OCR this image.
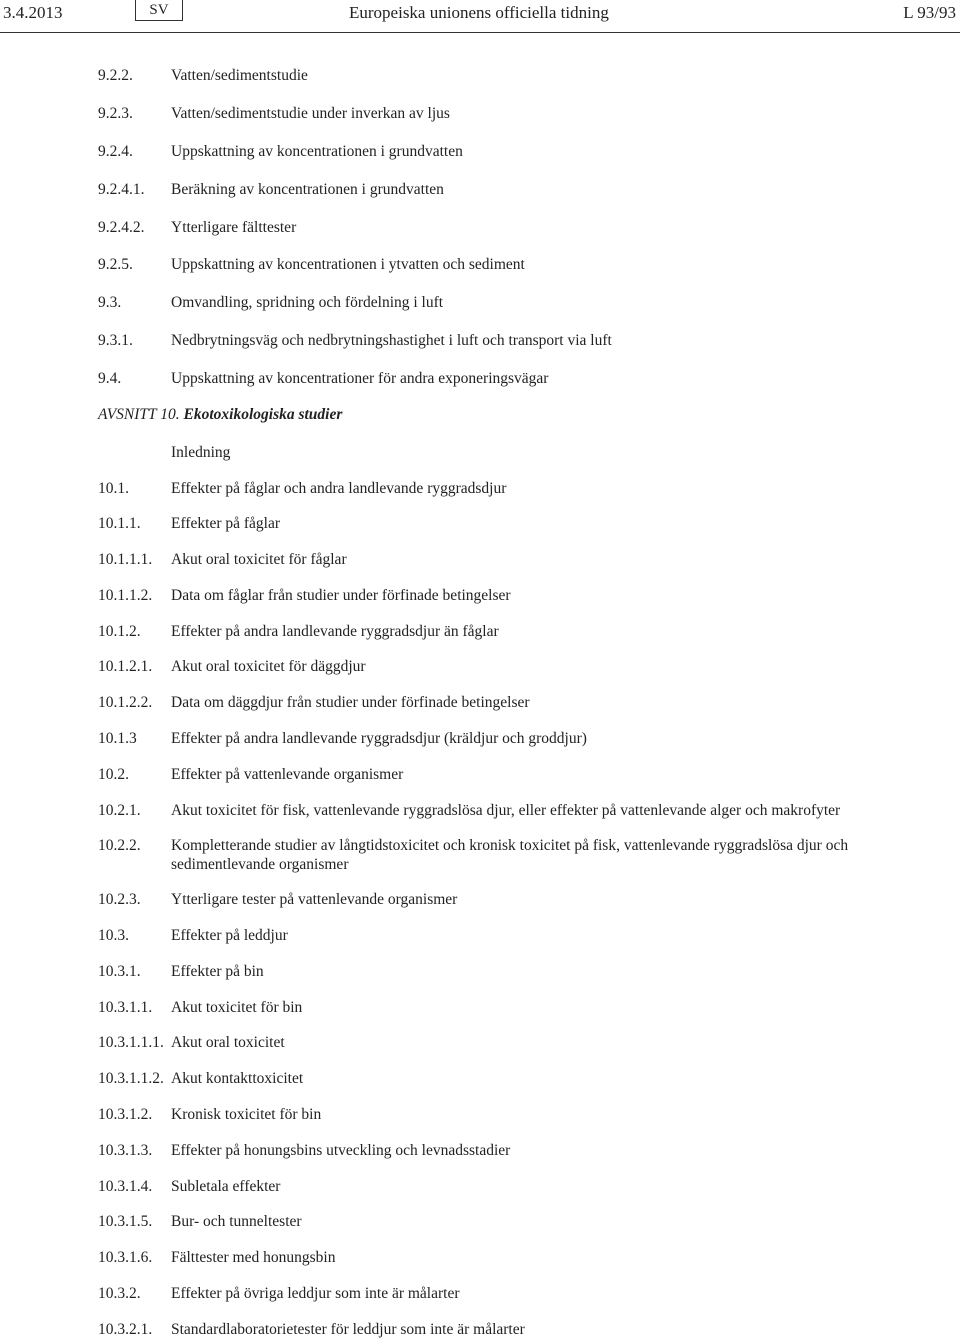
3.4.2013	SV	Europeiska unionens officiella tidning	L 93/93
AVSNITT 10. Ekotoxikologiska studier
9.2.2. Vatten/sedimentstudie
9.2.3. Vatten/sedimentstudie under inverkan av ljus
9.2.4. Uppskattning av koncentrationen i grundvatten
9.2.4.1. Beräkning av koncentrationen i grundvatten
9.2.4.2. Ytterligare fälttester
9.2.5. Uppskattning av koncentrationen i ytvatten och sediment
9.3.	Omvandling, spridning och fördelning i luft
9.3.1. Nedbrytningsväg och nedbrytningshastighet i luft och transport via luft
9.4.	Uppskattning av koncentrationer för andra exponeringsvägar
Inledning
10.1.	Effekter på fåglar och andra landlevande ryggradsdjur
10.1.1. Effekter på fåglar
10.1.1.1. Akut oral toxicitet för fåglar
10.1.1.2. Data om fåglar från studier under förfinade betingelser
10.1.2. Effekter på andra landlevande ryggradsdjur än fåglar
10.1.2.1. Akut oral toxicitet för däggdjur
10.1.2.2. Data om däggdjur från studier under förfinade betingelser
10.1.3 Effekter på andra landlevande ryggradsdjur (kräldjur och groddjur)
10.2.	Effekter på vattenlevande organismer
10.2.1. Akut toxicitet för fisk, vattenlevande ryggradslösa djur, eller effekter på vattenlevande alger och makrofyter
10.2.2. Kompletterande studier av långtidstoxicitet och kronisk toxicitet på fisk, vattenlevande ryggradslösa djur och sedimentlevande organismer
10.2.3. Ytterligare tester på vattenlevande organismer
10.3.	Effekter på leddjur
10.3.1. Effekter på bin
10.3.1.1. Akut toxicitet för bin
10.3.1.1.1. Akut oral toxicitet
10.3.1.1.2. Akut kontakttoxicitet
10.3.1.2. Kronisk toxicitet för bin
10.3.1.3. Effekter på honungsbins utveckling och levnadsstadier
10.3.1.4. Subletala effekter
10.3.1.5. Bur- och tunneltester
10.3.1.6. Fälttester med honungsbin
10.3.2. Effekter på övriga leddjur som inte är målarter
10.3.2.1. Standardlaboratorietester för leddjur som inte är målarter
